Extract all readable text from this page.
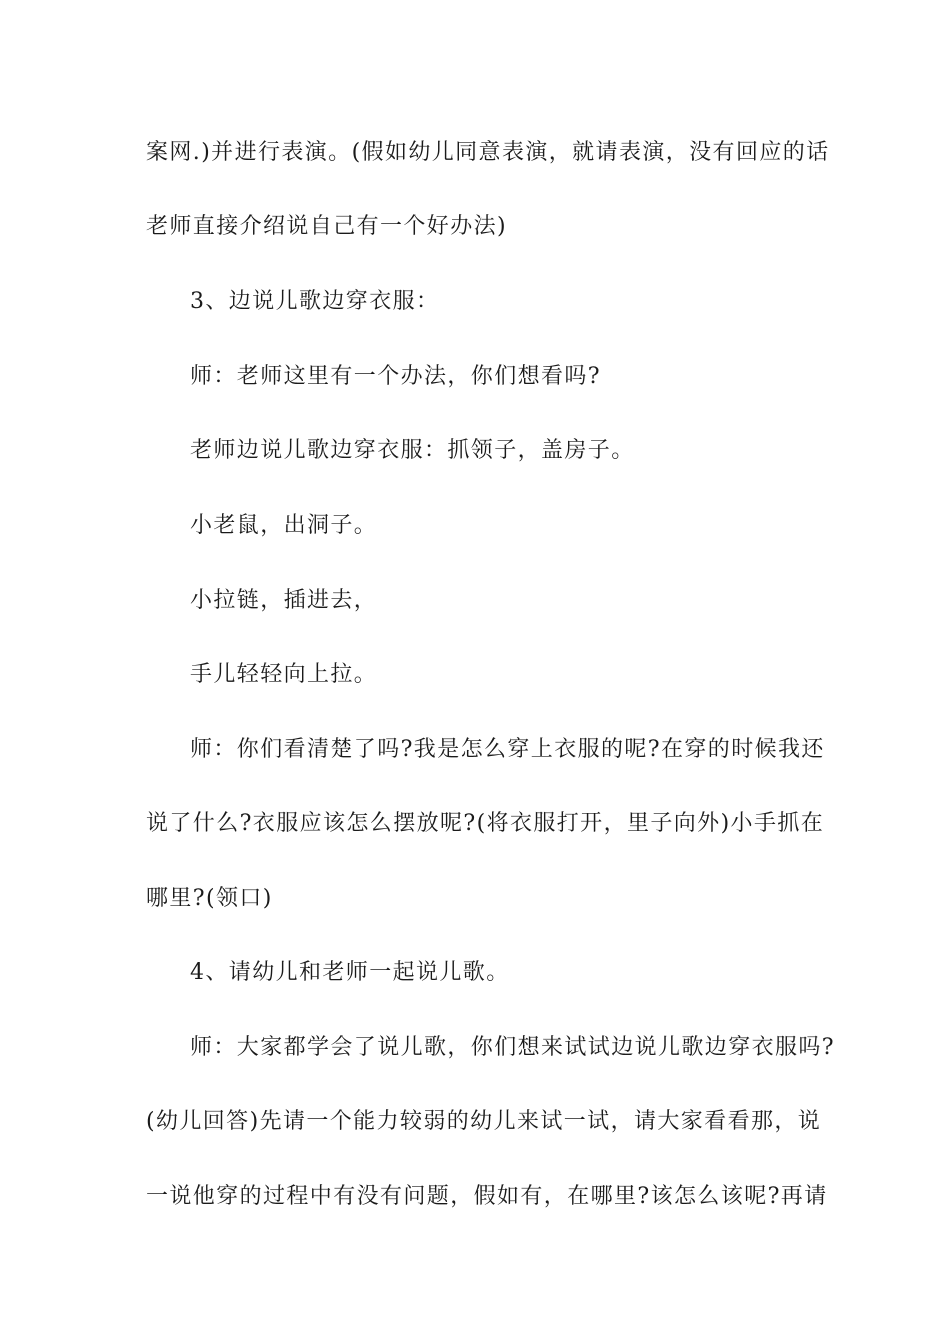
案网.)并进行表演。(假如幼儿同意表演，就请表演，没有回应的话
老师直接介绍说自己有一个好办法)
3、边说儿歌边穿衣服：
师：老师这里有一个办法，你们想看吗?
老师边说儿歌边穿衣服：抓领子，盖房子。
小老鼠，出洞子。
小拉链，插进去，
手儿轻轻向上拉。
师：你们看清楚了吗?我是怎么穿上衣服的呢?在穿的时候我还
说了什么?衣服应该怎么摆放呢?(将衣服打开，里子向外)小手抓在
哪里?(领口)
4、请幼儿和老师一起说儿歌。
师：大家都学会了说儿歌，你们想来试试边说儿歌边穿衣服吗?
(幼儿回答)先请一个能力较弱的幼儿来试一试，请大家看看那，说
一说他穿的过程中有没有问题，假如有，在哪里?该怎么该呢?再请
